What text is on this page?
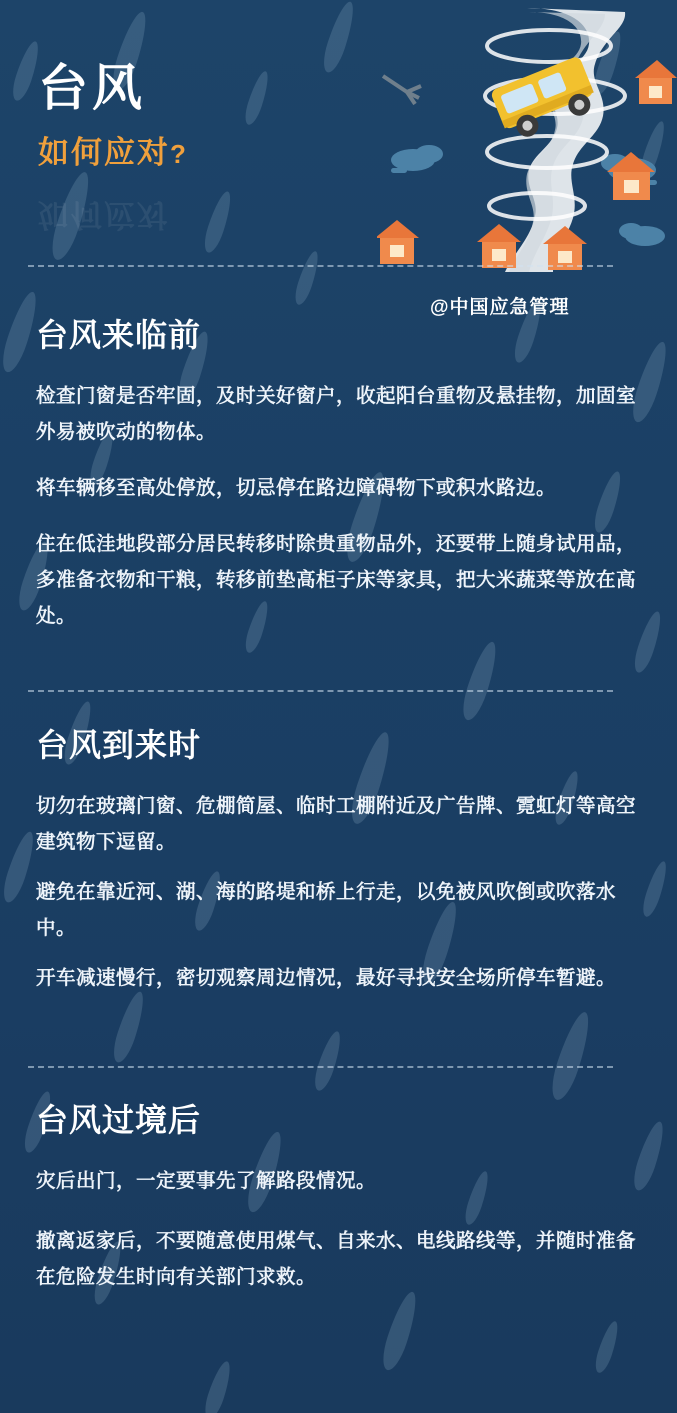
台风
如何应对?
如何应对
@中国应急管理
台风来临前

检查门窗是否牢固，及时关好窗户，收起阳台重物及悬挂物，加固室外易被吹动的物体。

将车辆移至高处停放，切忌停在路边障碍物下或积水路边。

住在低洼地段部分居民转移时除贵重物品外，还要带上随身试用品，多准备衣物和干粮，转移前垫高柜子床等家具，把大米蔬菜等放在高处。

台风到来时

切勿在玻璃门窗、危棚简屋、临时工棚附近及广告牌、霓虹灯等高空建筑物下逗留。

避免在靠近河、湖、海的路堤和桥上行走，以免被风吹倒或吹落水中。

开车减速慢行，密切观察周边情况，最好寻找安全场所停车暂避。

台风过境后

灾后出门，一定要事先了解路段情况。

撤离返家后，不要随意使用煤气、自来水、电线路线等，并随时准备在危险发生时向有关部门求救。
